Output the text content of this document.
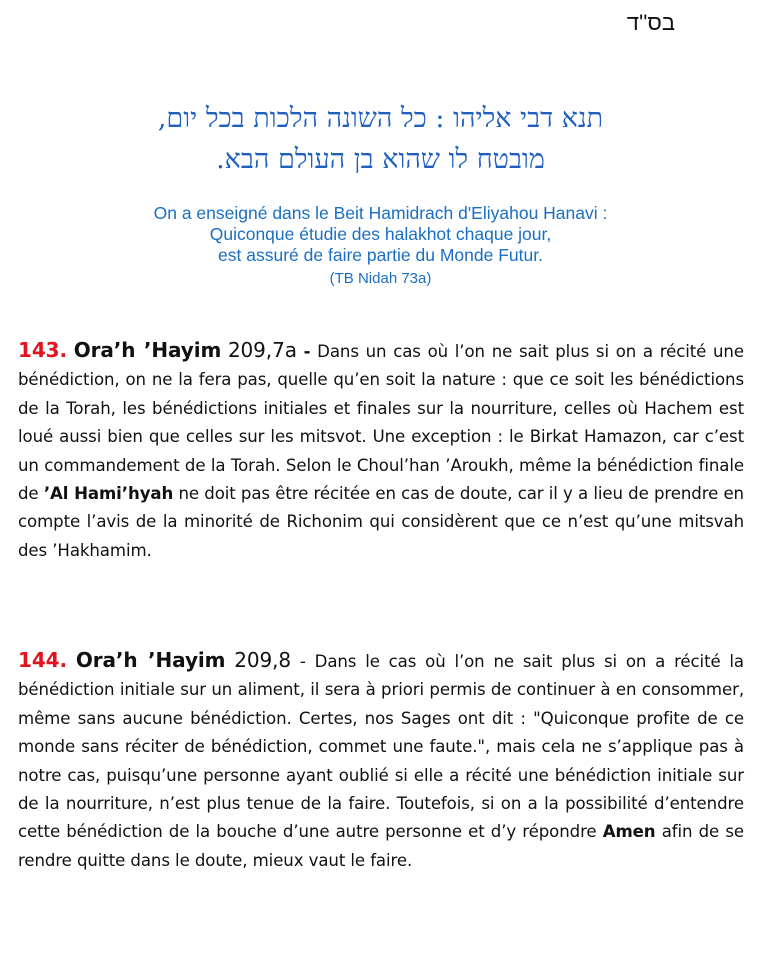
בס''ד
תנא דבי אליהו : כל השונה הלכות בכל יום,
מובטח לו שהוא בן העולם הבא.
On a enseigné dans le Beit Hamidrach d'Eliyahou Hanavi :
Quiconque étudie des halakhot chaque jour,
est assuré de faire partie du Monde Futur.
(TB Nidah 73a)
143. Ora’h ’Hayim 209,7a - Dans un cas où l’on ne sait plus si on a récité une bénédiction, on ne la fera pas, quelle qu’en soit la nature : que ce soit les bénédictions de la Torah, les bénédictions initiales et finales sur la nourriture, celles où Hachem est loué aussi bien que celles sur les mitsvot. Une exception : le Birkat Hamazon, car c’est un commandement de la Torah. Selon le Choul’han ’Aroukh, même la bénédiction finale de ’Al Hami’hyah ne doit pas être récitée en cas de doute, car il y a lieu de prendre en compte l’avis de la minorité de Richonim qui considèrent que ce n’est qu’une mitsvah des ’Hakhamim.
144. Ora’h ’Hayim 209,8 - Dans le cas où l’on ne sait plus si on a récité la bénédiction initiale sur un aliment, il sera à priori permis de continuer à en consommer, même sans aucune bénédiction. Certes, nos Sages ont dit : "Quiconque profite de ce monde sans réciter de bénédiction, commet une faute.", mais cela ne s’applique pas à notre cas, puisqu’une personne ayant oublié si elle a récité une bénédiction initiale sur de la nourriture, n’est plus tenue de la faire. Toutefois, si on a la possibilité d’entendre cette bénédiction de la bouche d’une autre personne et d’y répondre Amen afin de se rendre quitte dans le doute, mieux vaut le faire.
